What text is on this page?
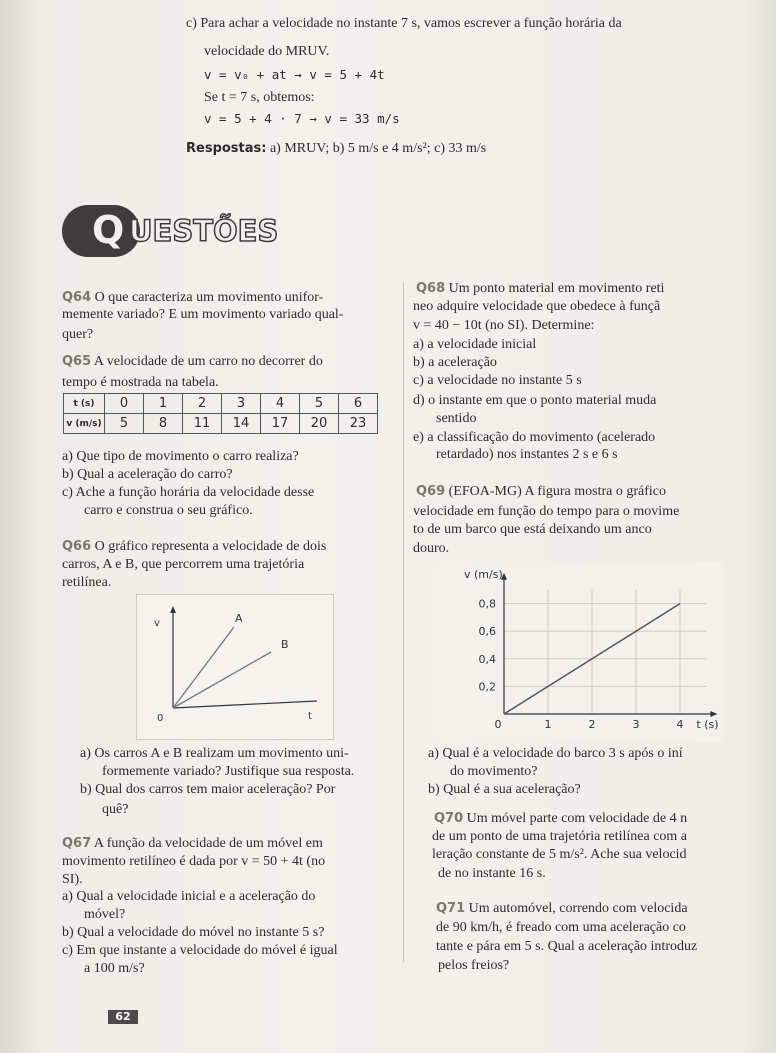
c) Para achar a velocidade no instante 7 s, vamos escrever a função horária da
velocidade do MRUV.
v = v₀ + at → v = 5 + 4t
Se t = 7 s, obtemos:
v = 5 + 4 · 7 → v = 33 m/s
Respostas: a) MRUV; b) 5 m/s e 4 m/s²; c) 33 m/s
Q UESTÕES
Q64 O que caracteriza um movimento unifor-
memente variado? E um movimento variado qual-
quer?
Q65 A velocidade de um carro no decorrer do
tempo é mostrada na tabela.
t (s)	0	1	2	3	4	5	6
v (m/s)	5	8	11	14	17	20	23
a) Que tipo de movimento o carro realiza?
b) Qual a aceleração do carro?
c) Ache a função horária da velocidade desse
carro e construa o seu gráfico.
Q66 O gráfico representa a velocidade de dois
carros, A e B, que percorrem uma trajetória
retilínea.
v	A
B
0	t
a) Os carros A e B realizam um movimento uni-
formemente variado? Justifique sua resposta.
b) Qual dos carros tem maior aceleração? Por
quê?
Q67 A função da velocidade de um móvel em
movimento retilíneo é dada por v = 50 + 4t (no
SI).
a) Qual a velocidade inicial e a aceleração do
móvel?
b) Qual a velocidade do móvel no instante 5 s?
c) Em que instante a velocidade do móvel é igual
a 100 m/s?
Q68 Um ponto material em movimento reti
neo adquire velocidade que obedece à funçã
v = 40 − 10t (no SI). Determine:
a) a velocidade inicial
b) a aceleração
c) a velocidade no instante 5 s
d) o instante em que o ponto material muda
sentido
e) a classificação do movimento (acelerado
retardado) nos instantes 2 s e 6 s
Q69 (EFOA-MG) A figura mostra o gráfico
velocidade em função do tempo para o movime
to de um barco que está deixando um anco
douro.
0,2
0,4
0,6
0,8
0	1	2	3	4
v (m/s)
t (s)
a) Qual é a velocidade do barco 3 s após o iní
do movimento?
b) Qual é a sua aceleração?
Q70 Um móvel parte com velocidade de 4 n
de um ponto de uma trajetória retilínea com a
leração constante de 5 m/s². Ache sua velocid
de no instante 16 s.
Q71 Um automóvel, correndo com velocida
de 90 km/h, é freado com uma aceleração co
tante e pára em 5 s. Qual a aceleração introduz
pelos freios?
62
